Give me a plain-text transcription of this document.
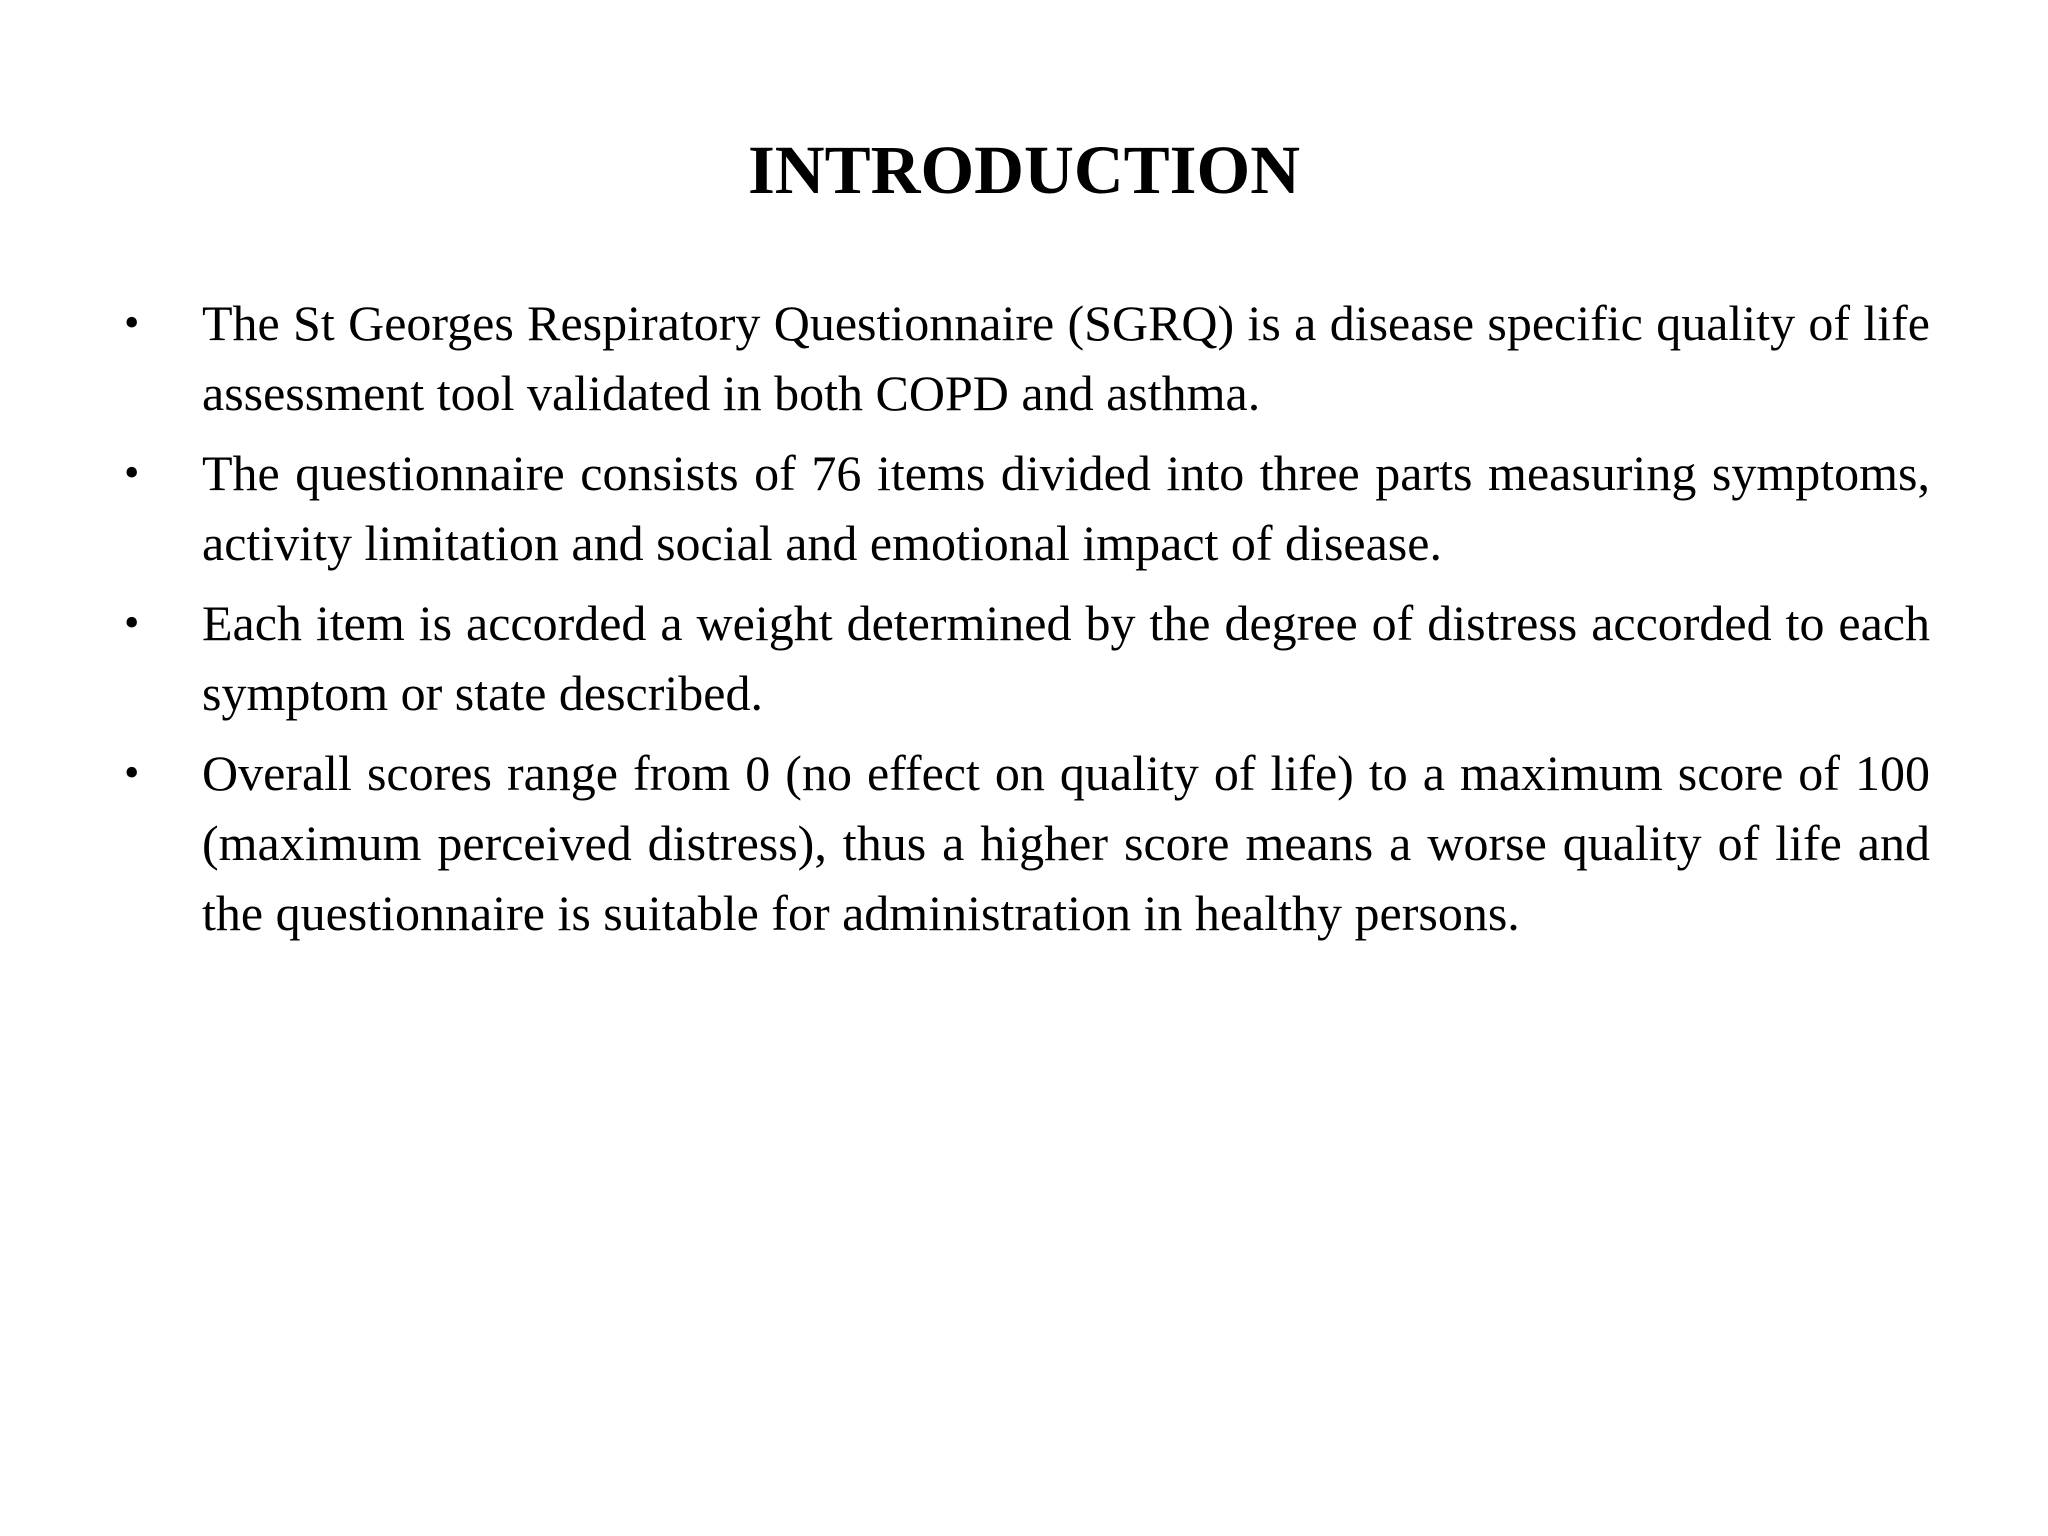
INTRODUCTION
• The St Georges Respiratory Questionnaire (SGRQ) is a disease specific quality of life assessment tool validated in both COPD and asthma.
• The questionnaire consists of 76 items divided into three parts measuring symptoms, activity limitation and social and emotional impact of disease.
• Each item is accorded a weight determined by the degree of distress accorded to each symptom or state described.
• Overall scores range from 0 (no effect on quality of life) to a maximum score of 100 (maximum perceived distress), thus a higher score means a worse quality of life and the questionnaire is suitable for administration in healthy persons.
